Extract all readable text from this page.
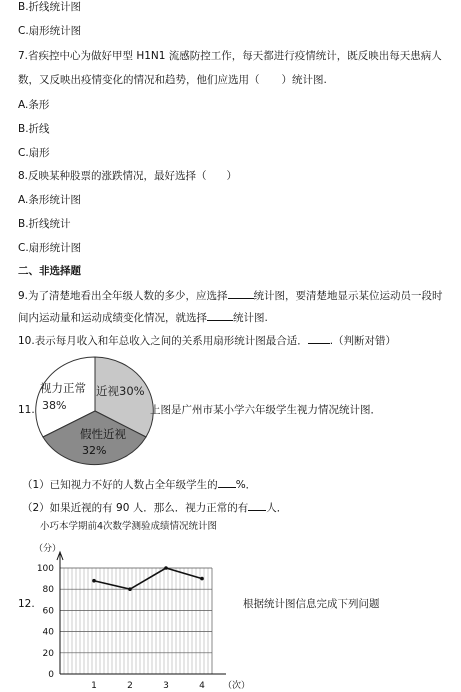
B.折线统计图
C.扇形统计图
7.省疾控中心为做好甲型 H1N1 流感防控工作，每天都进行疫情统计，既反映出每天患病人
数，又反映出疫情变化的情况和趋势，他们应选用（ ）统计图.
A.条形
B.折线
C.扇形
8.反映某种股票的涨跌情况，最好选择（ ）
A.条形统计图
B.折线统计
C.扇形统计图
二、非选择题
9.为了清楚地看出全年级人数的多少，应选择 统计图，要清楚地显示某位运动员一段时
间内运动量和运动成绩变化情况，就选择 统计图.
10.表示每月收入和年总收入之间的关系用扇形统计图最合适． .（判断对错）
11.
视力正常
38%
近视30%
假性近视
32%
上图是广州市某小学六年级学生视力情况统计图．
（1）已知视力不好的人数占全年级学生的 %．
（2）如果近视的有 90 人．那么．视力正常的有 人．
小巧本学期前4次数学测验成绩情况统计图
12.
0
20
40
60
80
100
1	2	3	4
（分）
（次）
根据统计图信息完成下列问题
